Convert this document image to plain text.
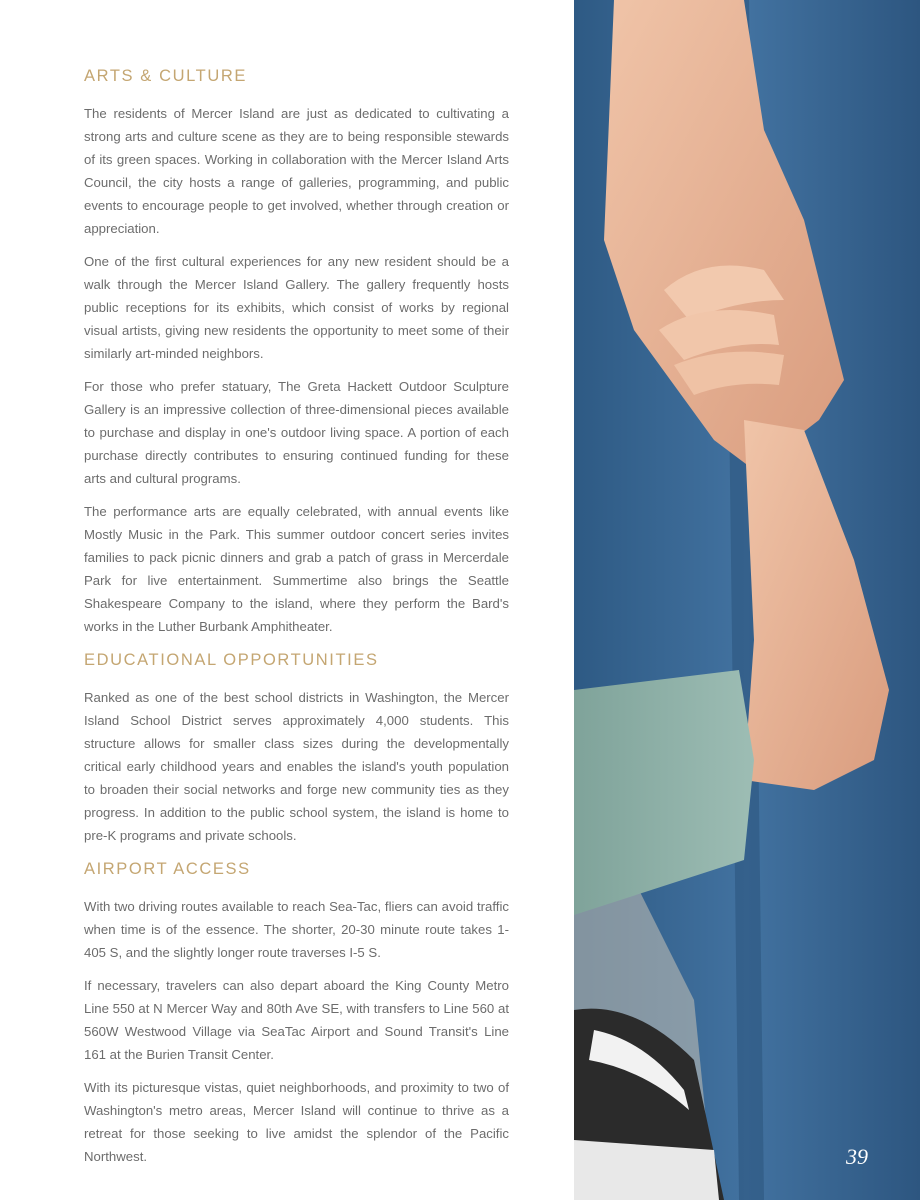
ARTS & CULTURE

The residents of Mercer Island are just as dedicated to cultivating a strong arts and culture scene as they are to being responsible stewards of its green spaces. Working in collaboration with the Mercer Island Arts Council, the city hosts a range of galleries, programming, and public events to encourage people to get involved, whether through creation or appreciation.

One of the first cultural experiences for any new resident should be a walk through the Mercer Island Gallery. The gallery frequently hosts public receptions for its exhibits, which consist of works by regional visual artists, giving new residents the opportunity to meet some of their similarly art-minded neighbors.

For those who prefer statuary, The Greta Hackett Outdoor Sculpture Gallery is an impressive collection of three-dimensional pieces available to purchase and display in one's outdoor living space. A portion of each purchase directly contributes to ensuring continued funding for these arts and cultural programs.

The performance arts are equally celebrated, with annual events like Mostly Music in the Park. This summer outdoor concert series invites families to pack picnic dinners and grab a patch of grass in Mercerdale Park for live entertainment. Summertime also brings the Seattle Shakespeare Company to the island, where they perform the Bard's works in the Luther Burbank Amphitheater.

EDUCATIONAL OPPORTUNITIES

Ranked as one of the best school districts in Washington, the Mercer Island School District serves approximately 4,000 students. This structure allows for smaller class sizes during the developmentally critical early childhood years and enables the island's youth population to broaden their social networks and forge new community ties as they progress. In addition to the public school system, the island is home to pre-K programs and private schools.

AIRPORT ACCESS

With two driving routes available to reach Sea-Tac, fliers can avoid traffic when time is of the essence. The shorter, 20-30 minute route takes 1-405 S, and the slightly longer route traverses I-5 S.

If necessary, travelers can also depart aboard the King County Metro Line 550 at N Mercer Way and 80th Ave SE, with transfers to Line 560 at 560W Westwood Village via SeaTac Airport and Sound Transit's Line 161 at the Burien Transit Center.

With its picturesque vistas, quiet neighborhoods, and proximity to two of Washington's metro areas, Mercer Island will continue to thrive as a retreat for those seeking to live amidst the splendor of the Pacific Northwest.	39
